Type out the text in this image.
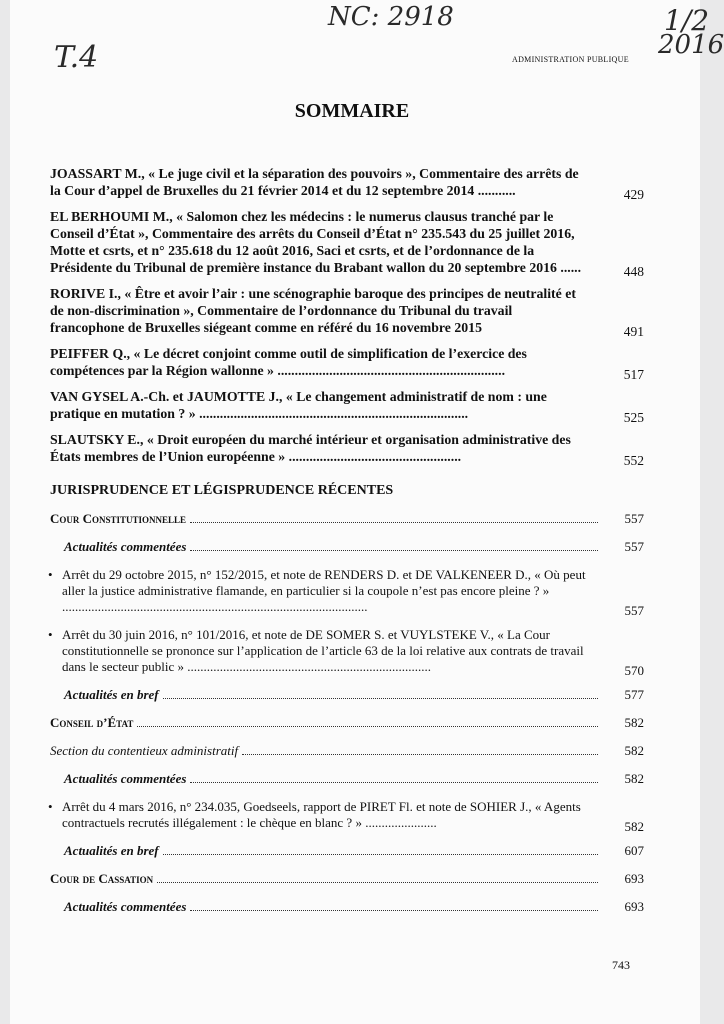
T.4
NC: 2918	1/2
2016
ADMINISTRATION PUBLIQUE
SOMMAIRE
JOASSART M., « Le juge civil et la séparation des pouvoirs », Commentaire des arrêts de la Cour d’appel de Bruxelles du 21 février 2014 et du 12 septembre 2014 ...........	429
EL BERHOUMI M., « Salomon chez les médecins : le numerus clausus tranché par le Conseil d’État », Commentaire des arrêts du Conseil d’État n° 235.543 du 25 juillet 2016, Motte et csrts, et n° 235.618 du 12 août 2016, Saci et csrts, et de l’ordonnance de la Présidente du Tribunal de première instance du Brabant wallon du 20 septembre 2016 ......	448
RORIVE I., « Être et avoir l’air : une scénographie baroque des principes de neutralité et de non-discrimination », Commentaire de l’ordonnance du Tribunal du travail francophone de Bruxelles siégeant comme en référé du 16 novembre 2015	491
PEIFFER Q., « Le décret conjoint comme outil de simplification de l’exercice des compétences par la Région wallonne » ..................................................................	517
VAN GYSEL A.-Ch. et JAUMOTTE J., « Le changement administratif de nom : une pratique en mutation ? » ..............................................................................	525
SLAUTSKY E., « Droit européen du marché intérieur et organisation administrative des États membres de l’Union européenne » ..................................................	552
JURISPRUDENCE ET LÉGISPRUDENCE RÉCENTES
Cour Constitutionnelle	557
Actualités commentées	557
• Arrêt du 29 octobre 2015, n° 152/2015, et note de RENDERS D. et DE VALKENEER D., « Où peut aller la justice administrative flamande, en particulier si la coupole n’est pas encore pleine ? » ..............................................................................................	557
• Arrêt du 30 juin 2016, n° 101/2016, et note de DE SOMER S. et VUYLSTEKE V., « La Cour constitutionnelle se prononce sur l’application de l’article 63 de la loi relative aux contrats de travail dans le secteur public » ...........................................................................	570
Actualités en bref	577
Conseil d’État	582
Section du contentieux administratif	582
Actualités commentées	582
• Arrêt du 4 mars 2016, n° 234.035, Goedseels, rapport de PIRET Fl. et note de SOHIER J., « Agents contractuels recrutés illégalement : le chèque en blanc ? » ......................	582
Actualités en bref	607
Cour de Cassation	693
Actualités commentées	693
743
